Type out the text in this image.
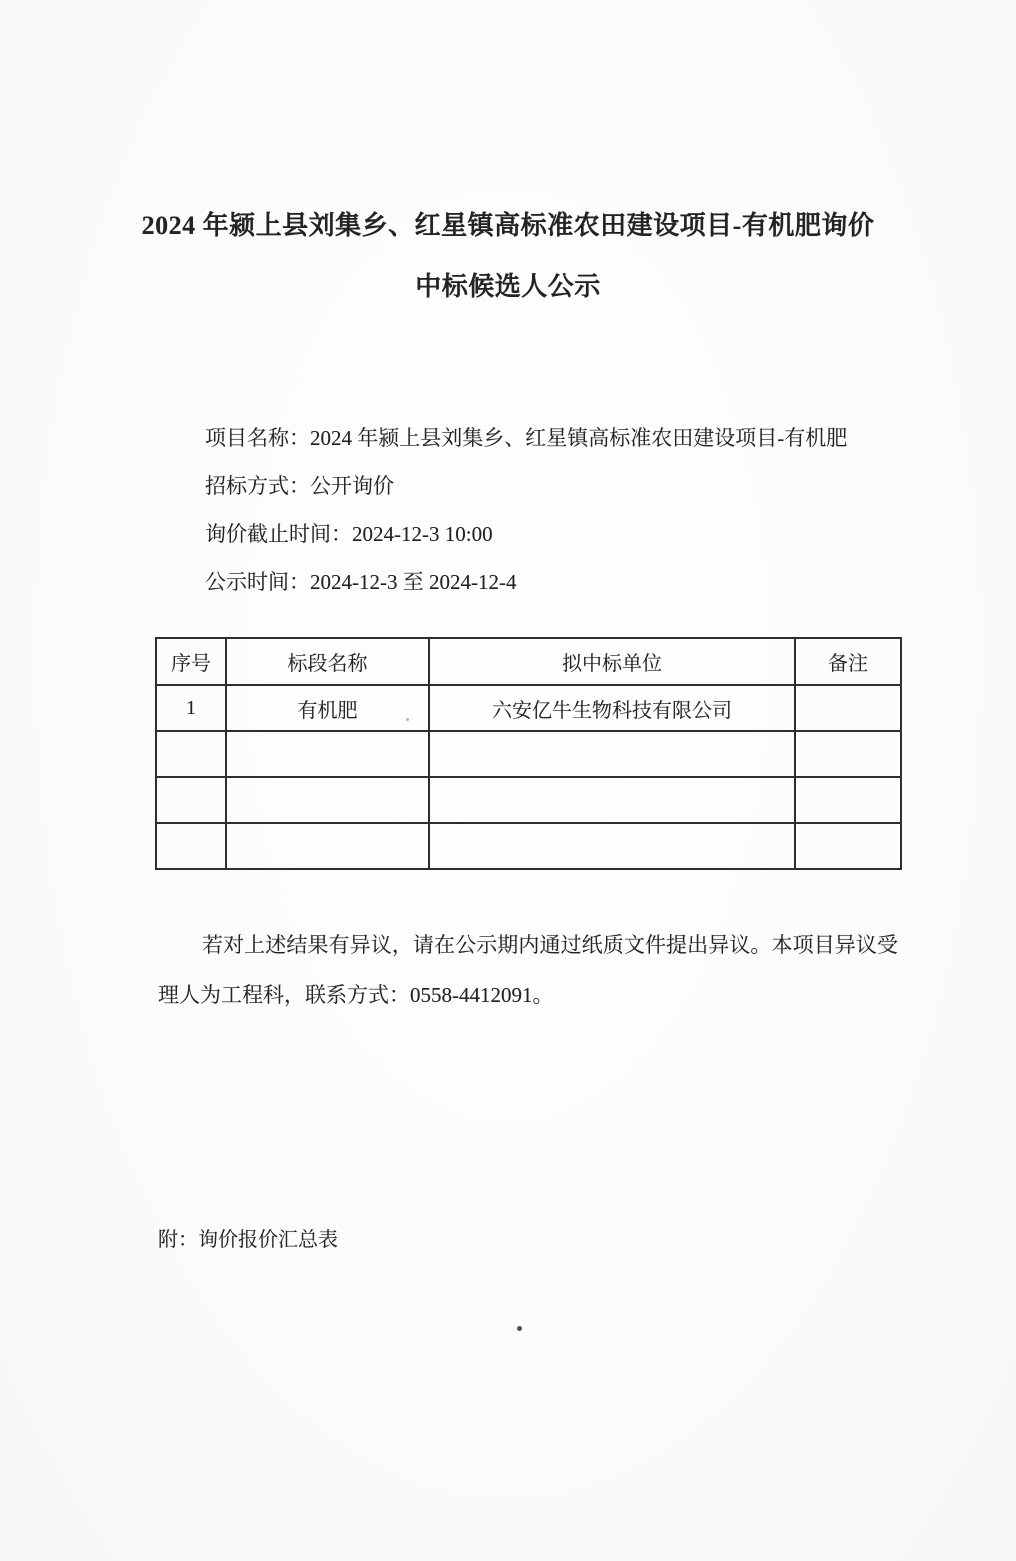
2024 年颍上县刘集乡、红星镇高标准农田建设项目-有机肥询价
中标候选人公示
项目名称：2024 年颍上县刘集乡、红星镇高标准农田建设项目-有机肥
招标方式：公开询价
询价截止时间：2024-12-3 10:00
公示时间：2024-12-3 至 2024-12-4
序号	标段名称	拟中标单位	备注
1	有机肥	六安亿牛生物科技有限公司	

若对上述结果有异议，请在公示期内通过纸质文件提出异议。本项目异议受理人为工程科，联系方式：0558-4412091。

附：询价报价汇总表
